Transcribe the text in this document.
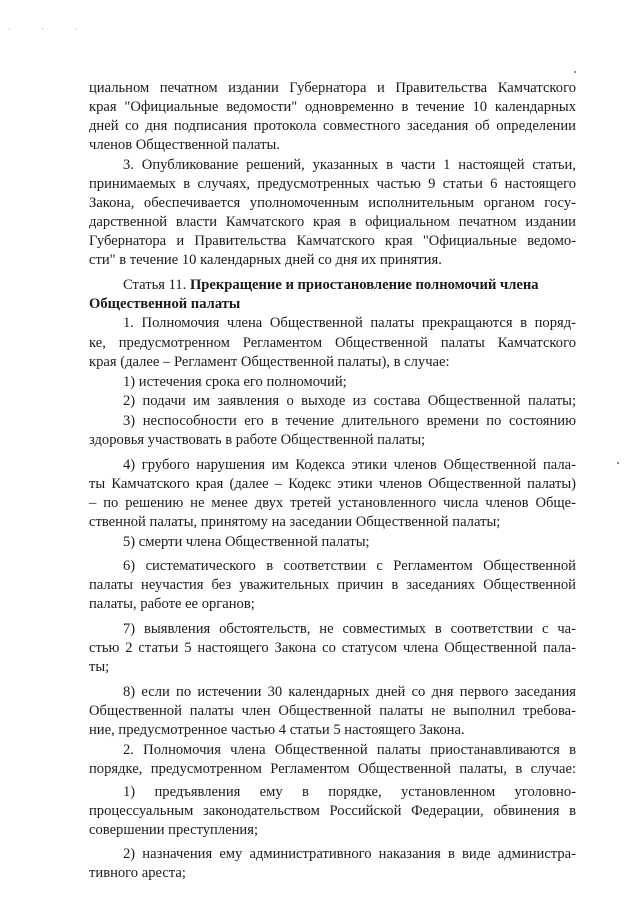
· · ·
циальном печатном издании Губернатора и Правительства Камчатского
края "Официальные ведомости" одновременно в течение 10 календарных
дней со дня подписания протокола совместного заседания об определении
членов Общественной палаты.
3. Опубликование решений, указанных в части 1 настоящей статьи,
принимаемых в случаях, предусмотренных частью 9 статьи 6 настоящего
Закона, обеспечивается уполномоченным исполнительным органом госу-
дарственной власти Камчатского края в официальном печатном издании
Губернатора и Правительства Камчатского края "Официальные ведомо-
сти" в течение 10 календарных дней со дня их принятия.
Статья 11. Прекращение и приостановление полномочий члена
Общественной палаты
1. Полномочия члена Общественной палаты прекращаются в поряд-
ке, предусмотренном Регламентом Общественной палаты Камчатского
края (далее – Регламент Общественной палаты), в случае:
1) истечения срока его полномочий;
2) подачи им заявления о выходе из состава Общественной палаты;
3) неспособности его в течение длительного времени по состоянию
здоровья участвовать в работе Общественной палаты;
4) грубого нарушения им Кодекса этики членов Общественной пала-
ты Камчатского края (далее – Кодекс этики членов Общественной палаты)
– по решению не менее двух третей установленного числа членов Обще-
ственной палаты, принятому на заседании Общественной палаты;
5) смерти члена Общественной палаты;
6) систематического в соответствии с Регламентом Общественной
палаты неучастия без уважительных причин в заседаниях Общественной
палаты, работе ее органов;
7) выявления обстоятельств, не совместимых в соответствии с ча-
стью 2 статьи 5 настоящего Закона со статусом члена Общественной пала-
ты;
8) если по истечении 30 календарных дней со дня первого заседания
Общественной палаты член Общественной палаты не выполнил требова-
ние, предусмотренное частью 4 статьи 5 настоящего Закона.
2. Полномочия члена Общественной палаты приостанавливаются в
порядке, предусмотренном Регламентом Общественной палаты, в случае:
1) предъявления ему в порядке, установленном уголовно-
процессуальным законодательством Российской Федерации, обвинения в
совершении преступления;
2) назначения ему административного наказания в виде администра-
тивного ареста;
